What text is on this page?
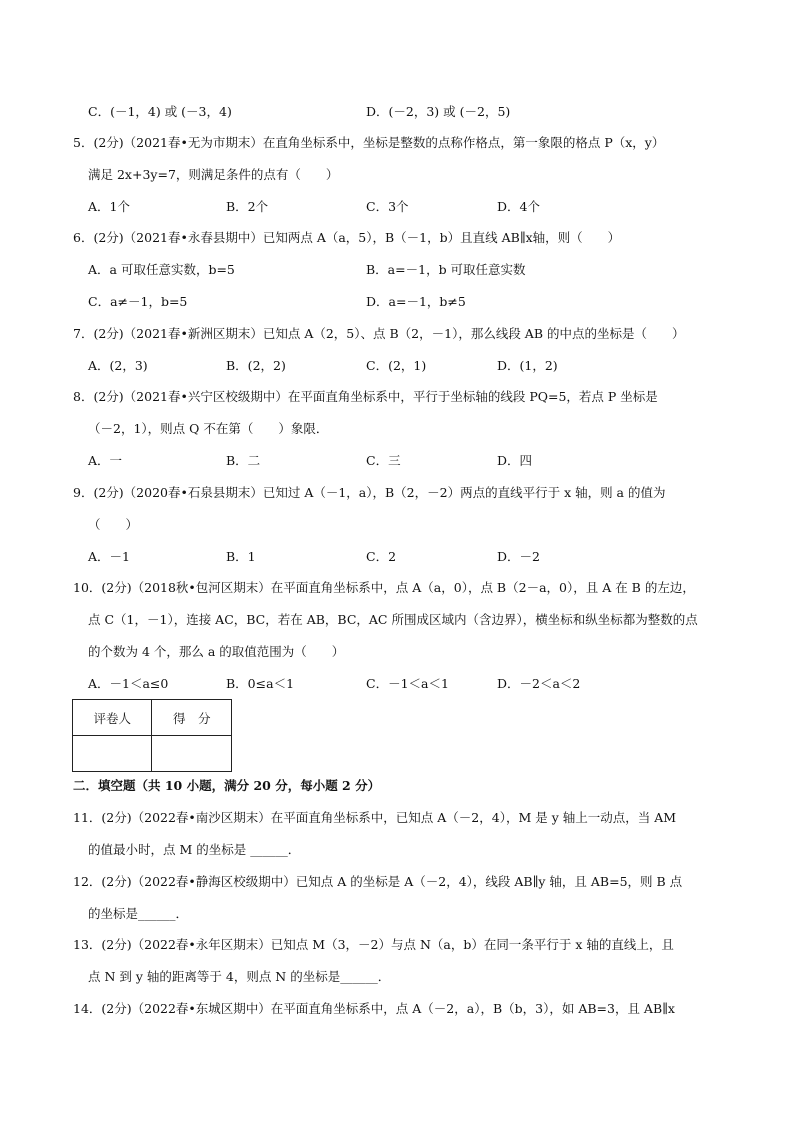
C．(－1，4) 或 (－3，4)	D．(－2，3) 或 (－2，5)
5．(2分)（2021春•无为市期末）在直角坐标系中，坐标是整数的点称作格点，第一象限的格点 P（x，y）
满足 2x+3y=7，则满足条件的点有（　　）
A．1个	B．2个	C．3个	D．4个
6．(2分)（2021春•永春县期中）已知两点 A（a，5），B（－1，b）且直线 AB∥x轴，则（　　）
A．a 可取任意实数，b=5	B．a=－1，b 可取任意实数
C．a≠－1，b=5	D．a=－1，b≠5
7．(2分)（2021春•新洲区期末）已知点 A（2，5）、点 B（2，－1），那么线段 AB 的中点的坐标是（　　）
A．(2，3)	B．(2，2)	C．(2，1)	D．(1，2)
8．(2分)（2021春•兴宁区校级期中）在平面直角坐标系中，平行于坐标轴的线段 PQ=5，若点 P 坐标是
（－2，1），则点 Q 不在第（　　）象限．
A．一	B．二	C．三	D．四
9．(2分)（2020春•石泉县期末）已知过 A（－1，a），B（2，－2）两点的直线平行于 x 轴，则 a 的值为
（　　）
A．－1	B．1	C．2	D．－2
10．(2分)（2018秋•包河区期末）在平面直角坐标系中，点 A（a，0），点 B（2－a，0），且 A 在 B 的左边，
点 C（1，－1），连接 AC，BC，若在 AB，BC，AC 所围成区域内（含边界），横坐标和纵坐标都为整数的点
的个数为 4 个，那么 a 的取值范围为（　　）
A．－1＜a≤0	B．0≤a＜1	C．－1＜a＜1	D．－2＜a＜2
评卷人	得　分

二．填空题（共 10 小题，满分 20 分，每小题 2 分）
11．(2分)（2022春•南沙区期末）在平面直角坐标系中，已知点 A（－2，4），M 是 y 轴上一动点，当 AM
的值最小时，点 M 的坐标是 ______．
12．(2分)（2022春•静海区校级期中）已知点 A 的坐标是 A（－2，4），线段 AB∥y 轴，且 AB=5，则 B 点
的坐标是______．
13．(2分)（2022春•永年区期末）已知点 M（3，－2）与点 N（a，b）在同一条平行于 x 轴的直线上，且
点 N 到 y 轴的距离等于 4，则点 N 的坐标是______．
14．(2分)（2022春•东城区期中）在平面直角坐标系中，点 A（－2，a），B（b，3），如 AB=3，且 AB∥x
